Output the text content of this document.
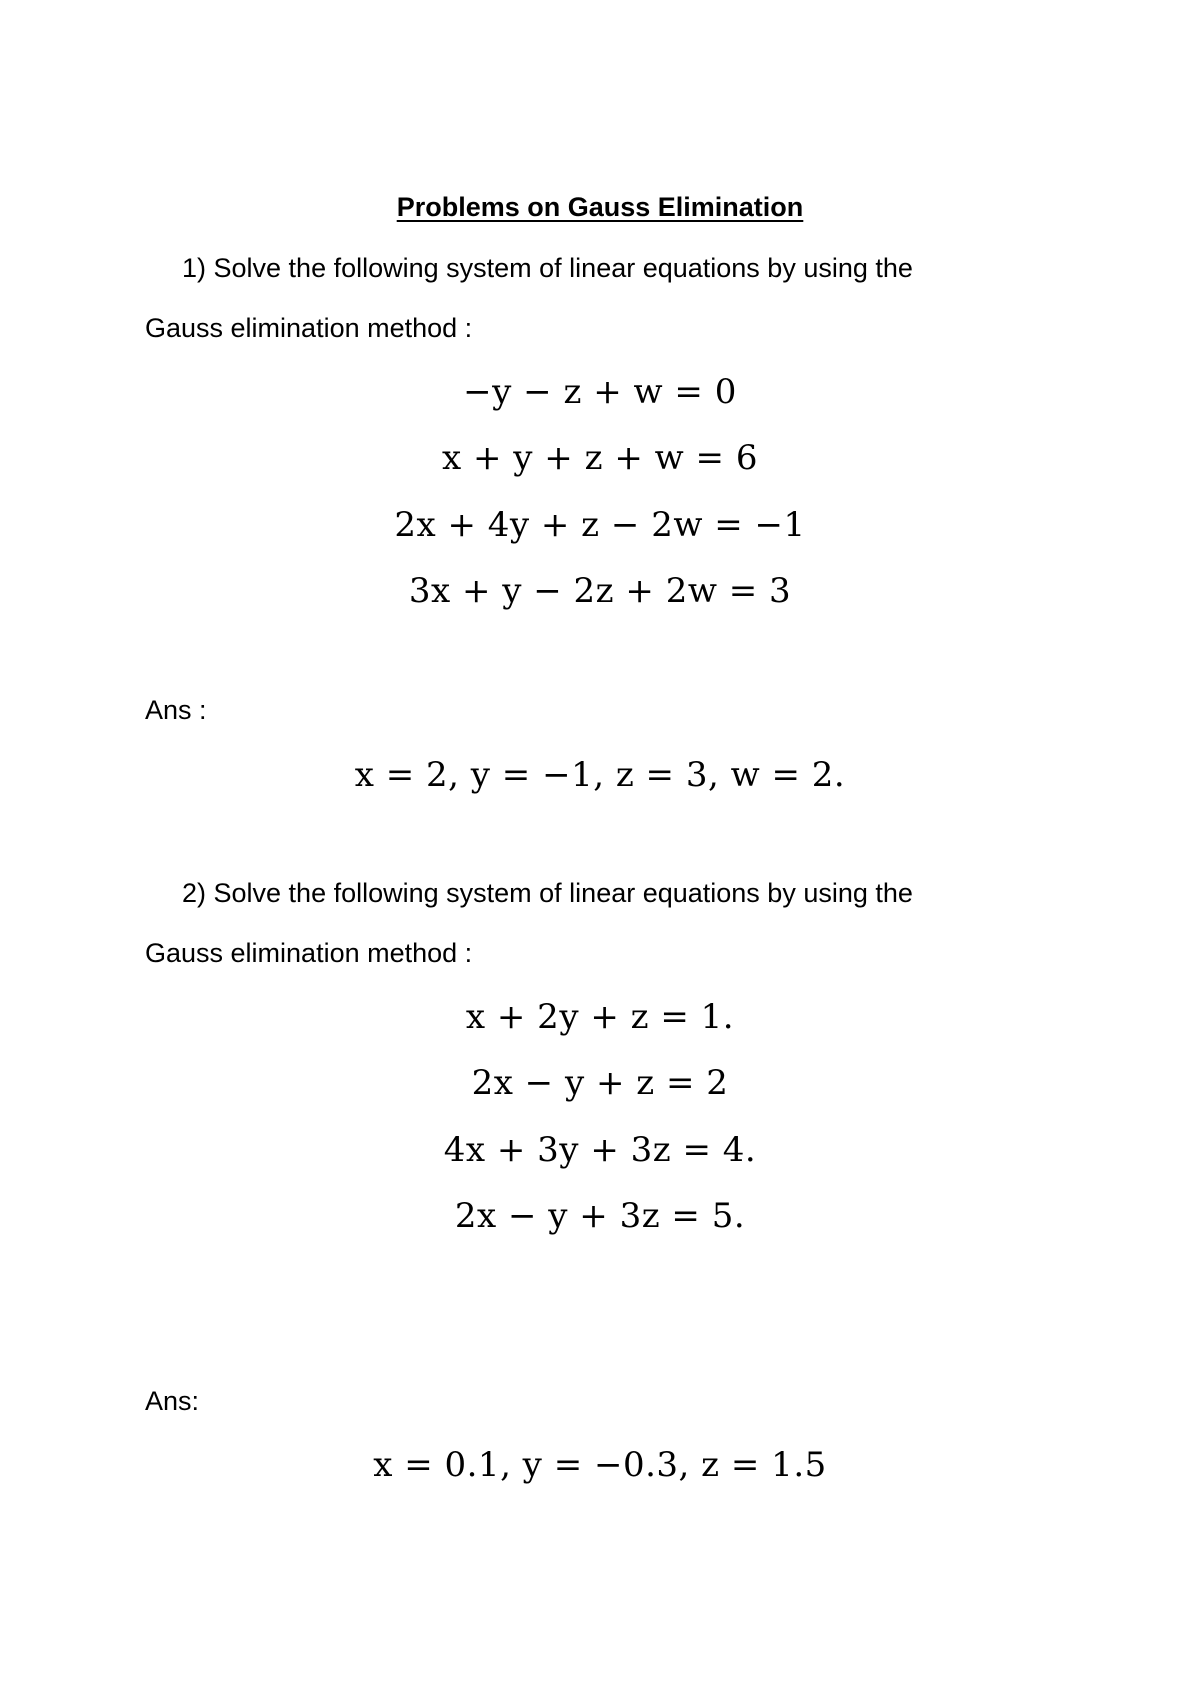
Problems on Gauss Elimination
1) Solve the following system of linear equations by using the
Gauss elimination method :
−y − z + w = 0
x + y + z + w = 6
2x + 4y + z − 2w = −1
3x + y − 2z + 2w = 3
Ans :
x = 2, y = −1, z = 3, w = 2.
2) Solve the following system of linear equations by using the
Gauss elimination method :
x + 2y + z = 1.
2x − y + z = 2
4x + 3y + 3z = 4.
2x − y + 3z = 5.
Ans:
x = 0.1, y = −0.3, z = 1.5
